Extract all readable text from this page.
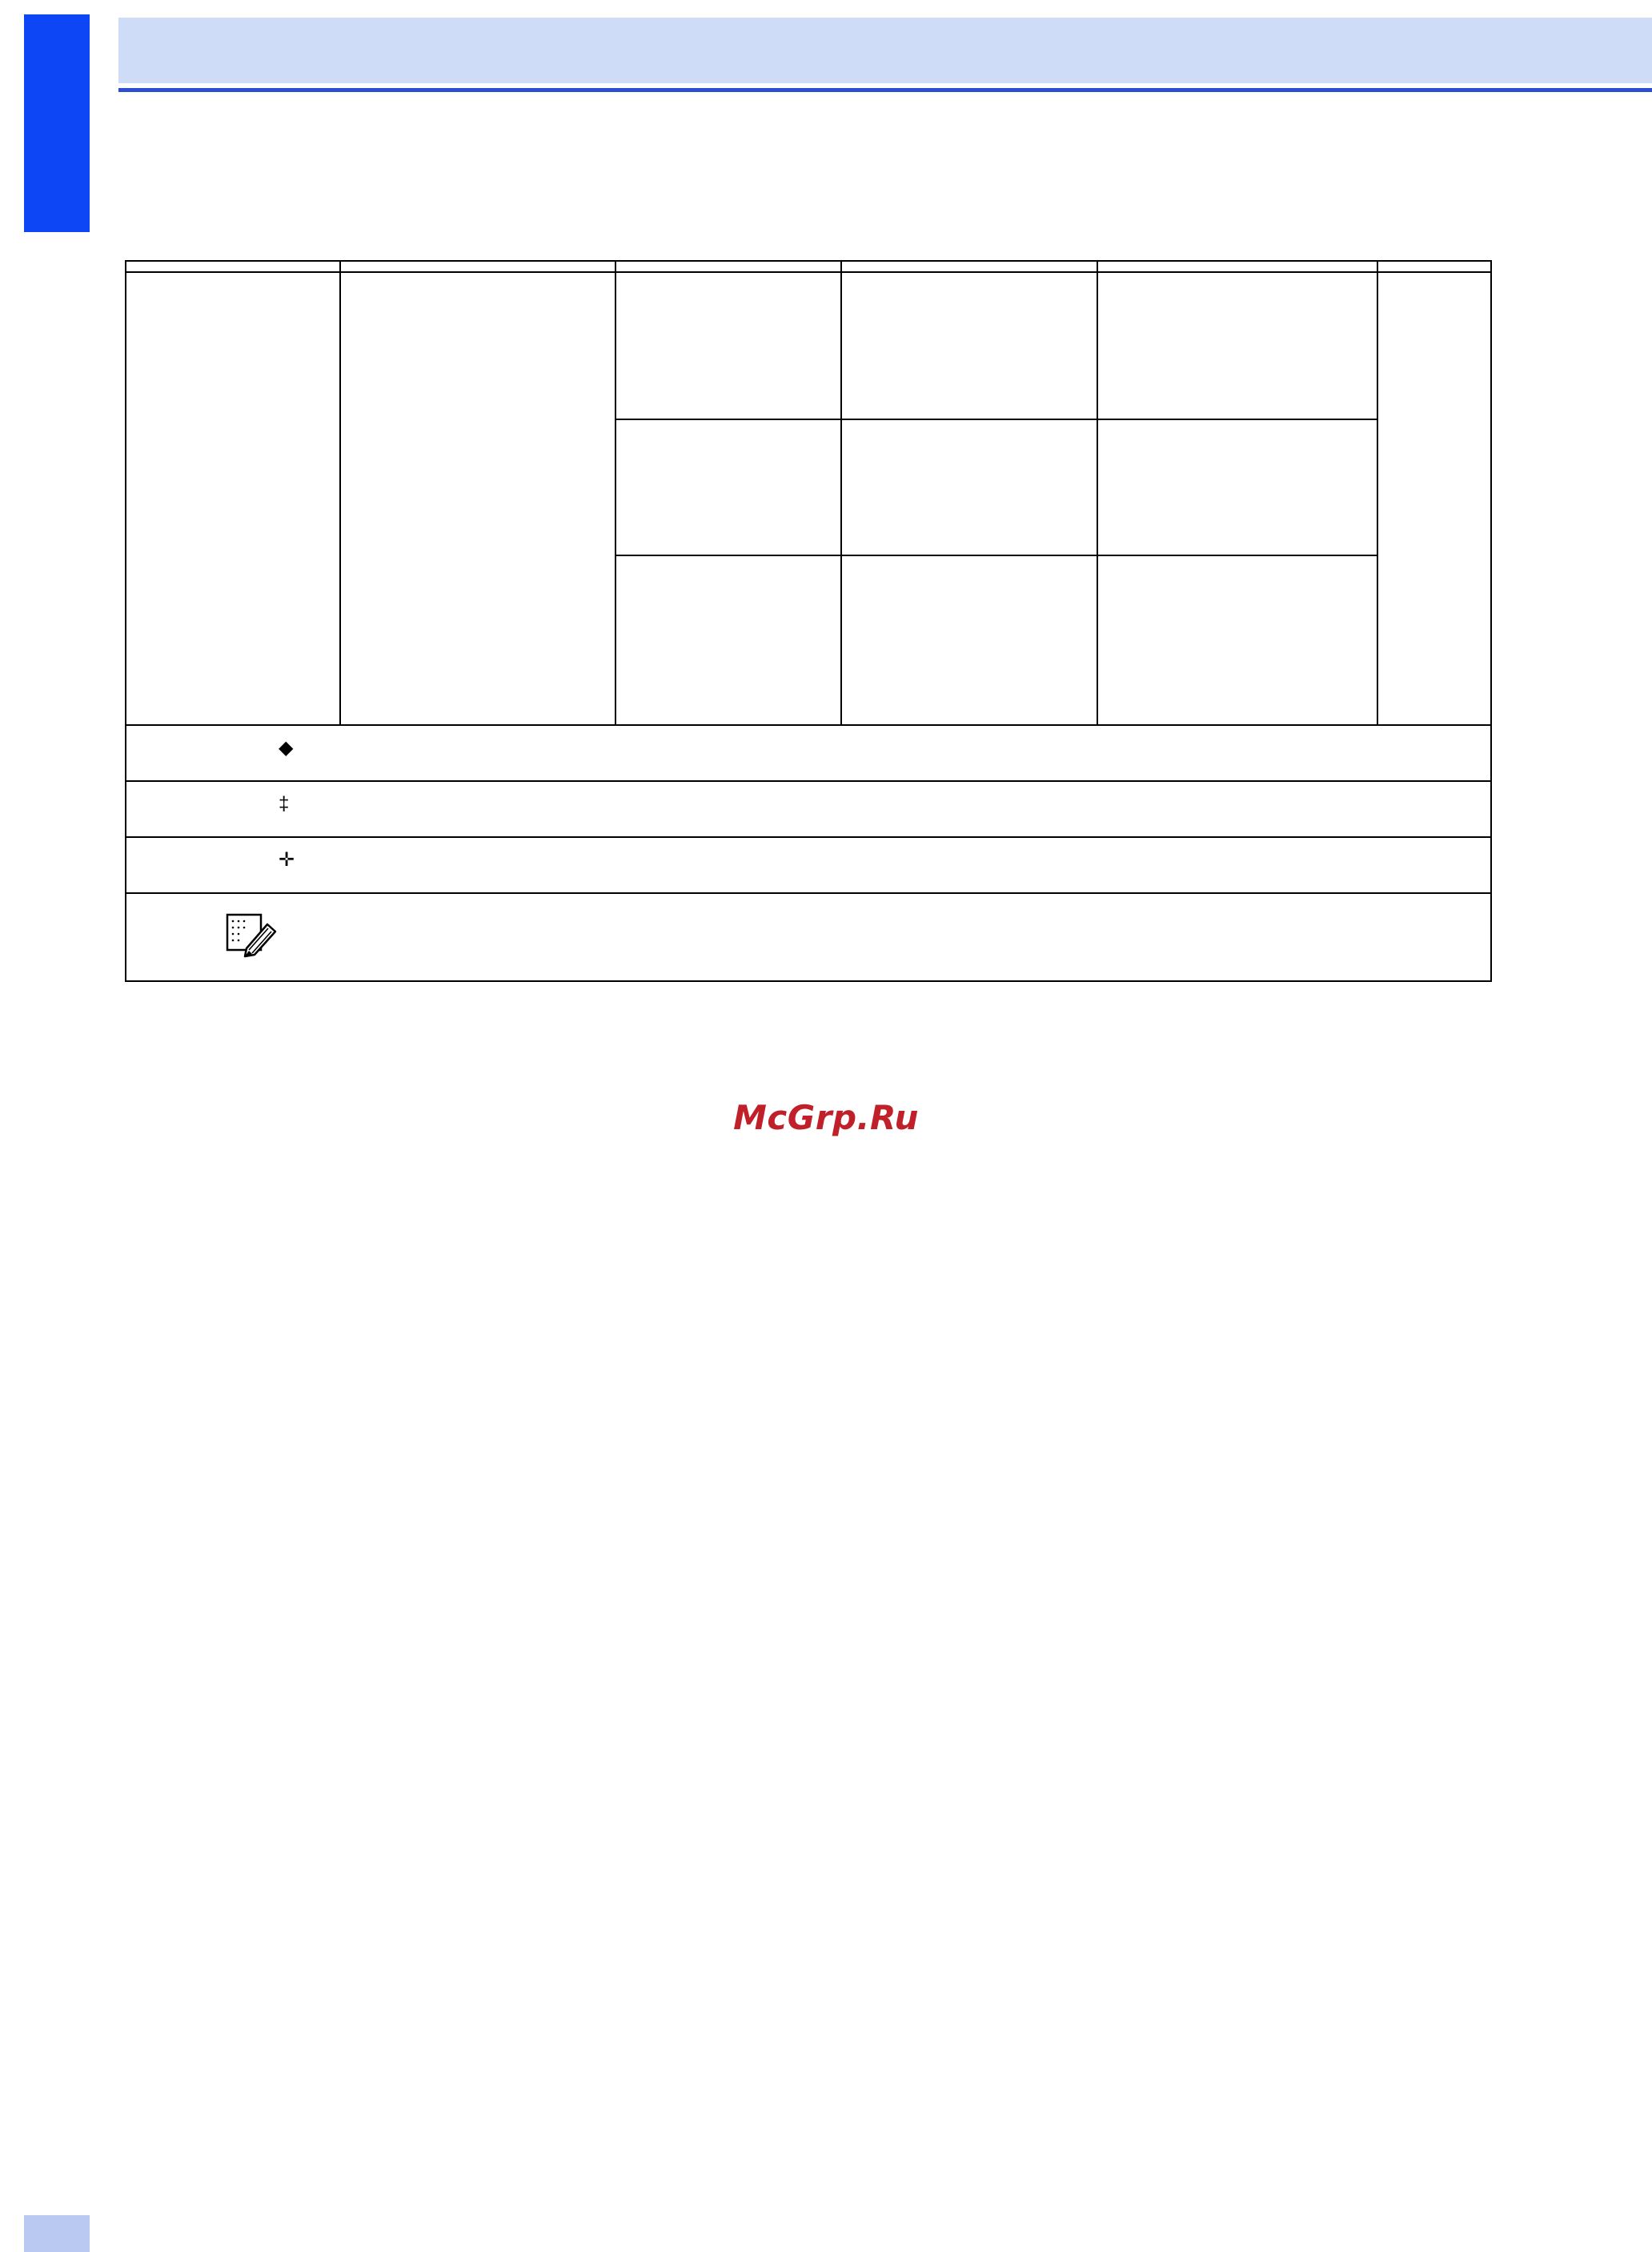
◆					

‡					

✛					

McGrp.Ru
